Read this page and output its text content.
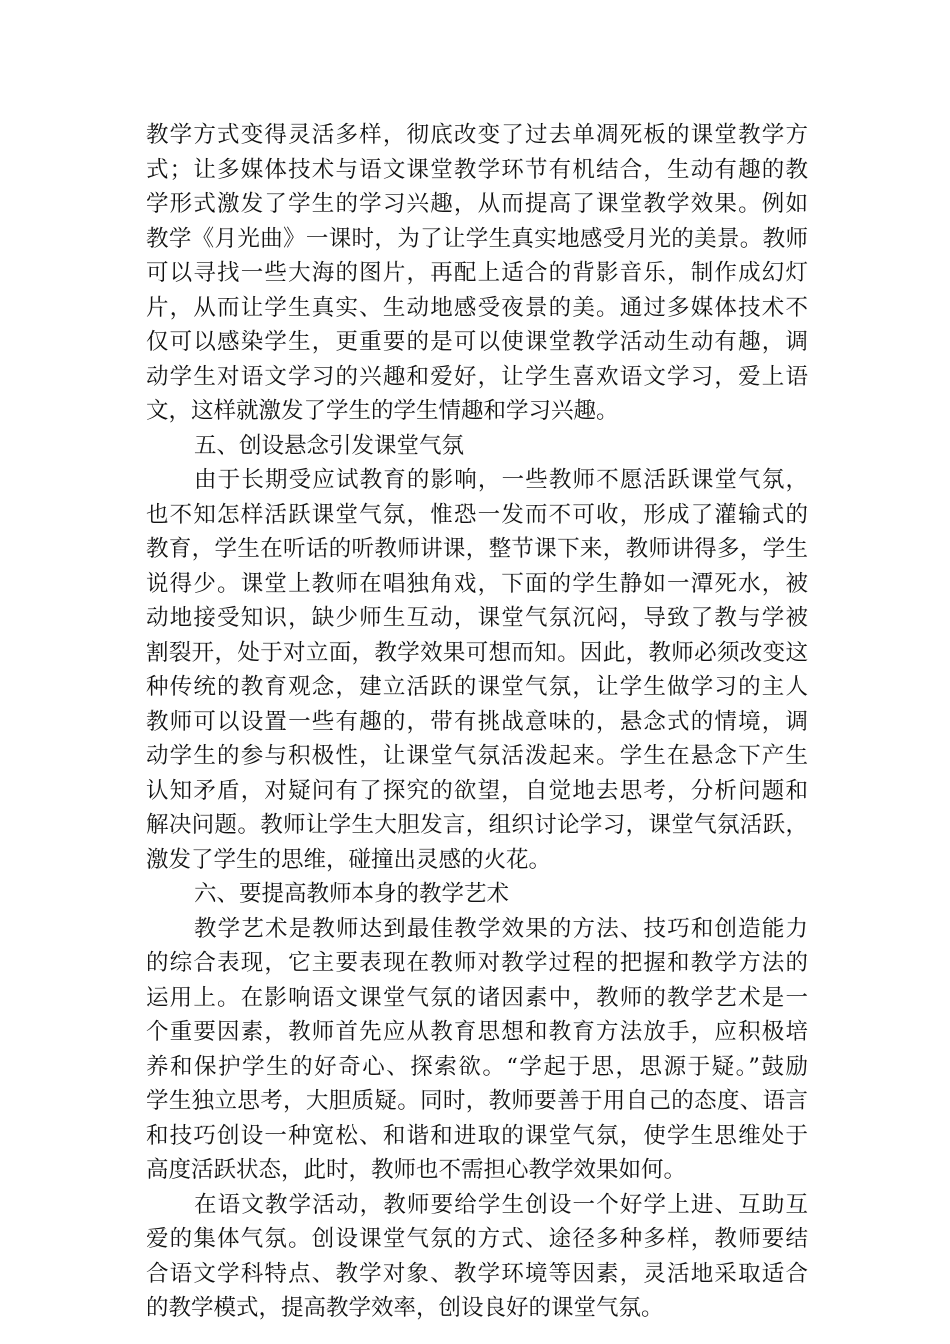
教学方式变得灵活多样，彻底改变了过去单凋死板的课堂教学方
式；让多媒体技术与语文课堂教学环节有机结合，生动有趣的教
学形式激发了学生的学习兴趣，从而提高了课堂教学效果。例如
教学《月光曲》一课时，为了让学生真实地感受月光的美景。教师
可以寻找一些大海的图片，再配上适合的背影音乐，制作成幻灯
片，从而让学生真实、生动地感受夜景的美。通过多媒体技术不
仅可以感染学生，更重要的是可以使课堂教学活动生动有趣，调
动学生对语文学习的兴趣和爱好，让学生喜欢语文学习，爱上语
文，这样就激发了学生的学生情趣和学习兴趣。
五、创设悬念引发课堂气氛
由于长期受应试教育的影响，一些教师不愿活跃课堂气氛，
也不知怎样活跃课堂气氛，惟恐一发而不可收，形成了灌输式的
教育，学生在听话的听教师讲课，整节课下来，教师讲得多，学生
说得少。课堂上教师在唱独角戏，下面的学生静如一潭死水，被
动地接受知识，缺少师生互动，课堂气氛沉闷，导致了教与学被
割裂开，处于对立面，教学效果可想而知。因此，教师必须改变这
种传统的教育观念，建立活跃的课堂气氛，让学生做学习的主人
教师可以设置一些有趣的，带有挑战意味的，悬念式的情境，调
动学生的参与积极性，让课堂气氛活泼起来。学生在悬念下产生
认知矛盾，对疑问有了探究的欲望，自觉地去思考，分析问题和
解决问题。教师让学生大胆发言，组织讨论学习，课堂气氛活跃，
激发了学生的思维，碰撞出灵感的火花。
六、要提高教师本身的教学艺术
教学艺术是教师达到最佳教学效果的方法、技巧和创造能力
的综合表现，它主要表现在教师对教学过程的把握和教学方法的
运用上。在影响语文课堂气氛的诸因素中，教师的教学艺术是一
个重要因素，教师首先应从教育思想和教育方法放手，应积极培
养和保护学生的好奇心、探索欲。“学起于思，思源于疑。”鼓励
学生独立思考，大胆质疑。同时，教师要善于用自己的态度、语言
和技巧创设一种宽松、和谐和进取的课堂气氛，使学生思维处于
高度活跃状态，此时，教师也不需担心教学效果如何。
在语文教学活动，教师要给学生创设一个好学上进、互助互
爱的集体气氛。创设课堂气氛的方式、途径多种多样，教师要结
合语文学科特点、教学对象、教学环境等因素，灵活地采取适合
的教学模式，提高教学效率，创设良好的课堂气氛。
